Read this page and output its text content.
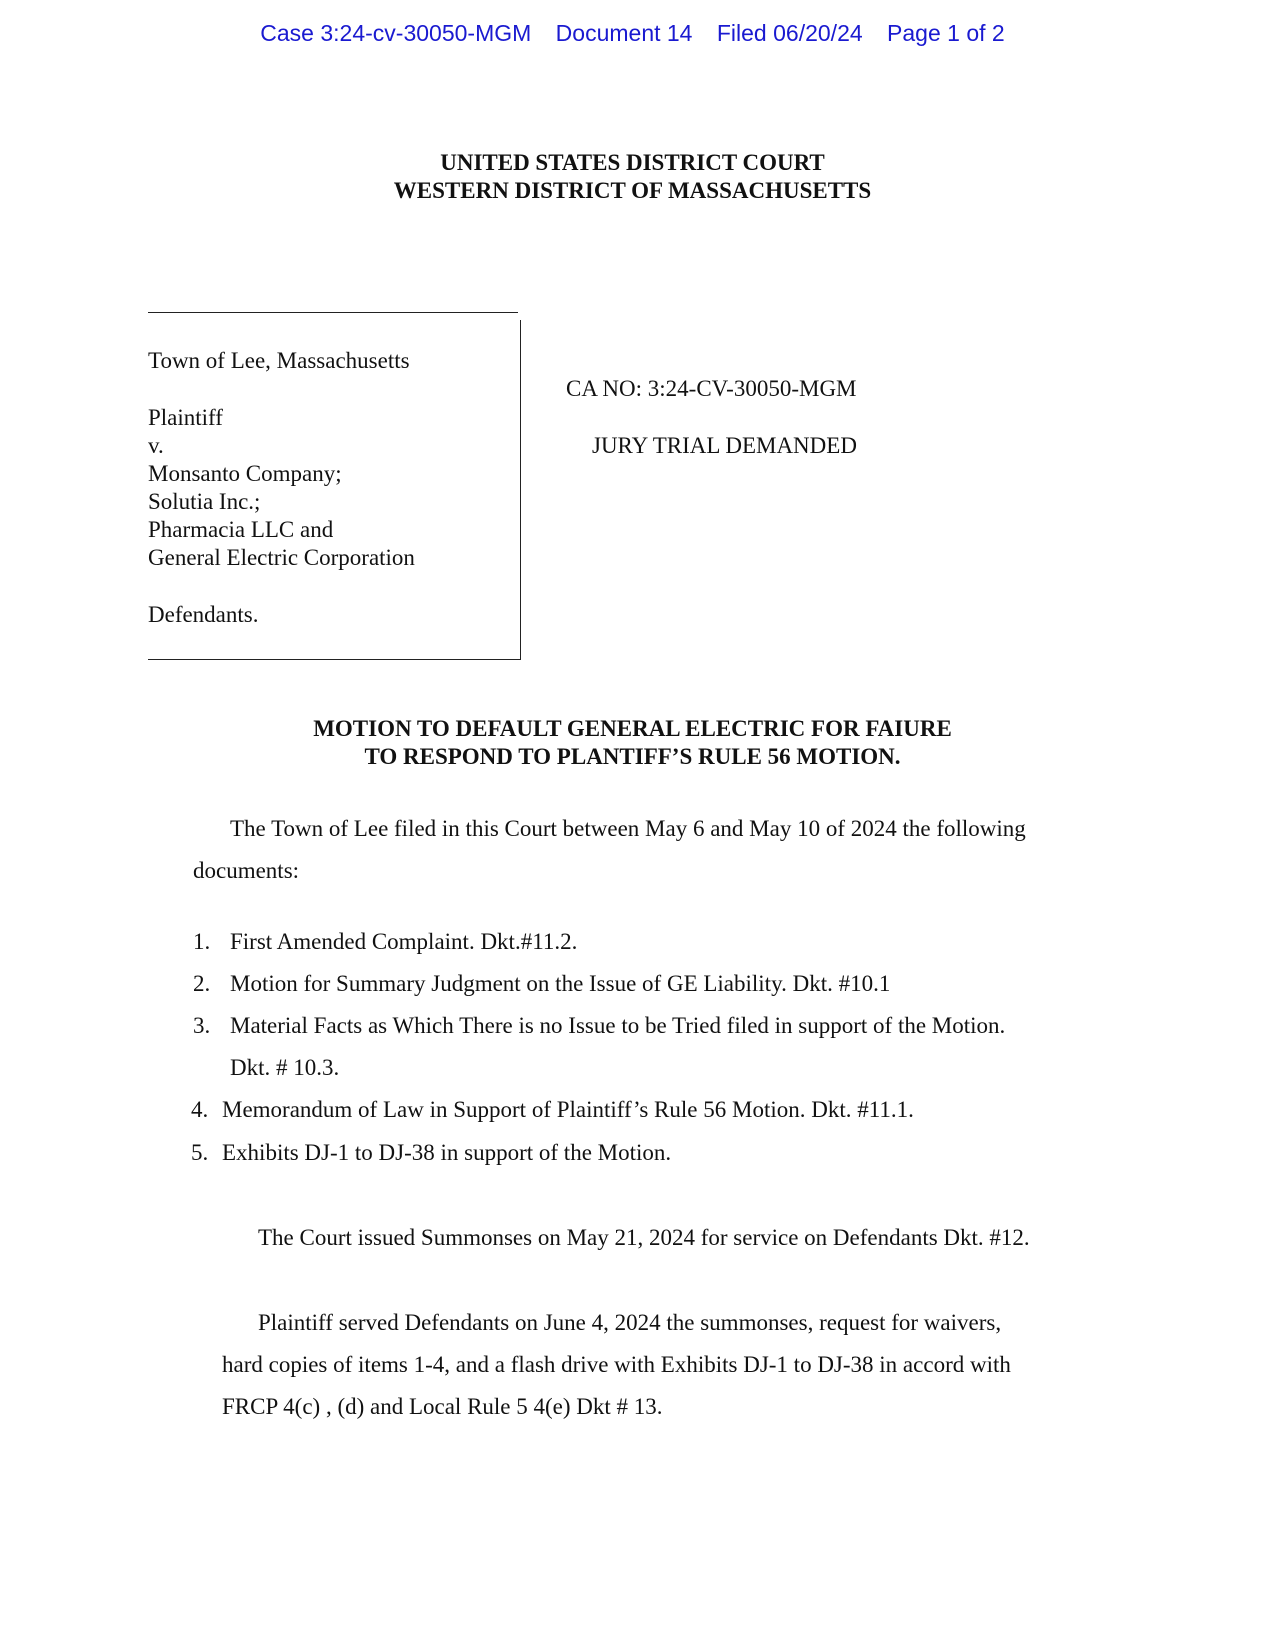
Case 3:24-cv-30050-MGM Document 14 Filed 06/20/24 Page 1 of 2
UNITED STATES DISTRICT COURT
WESTERN DISTRICT OF MASSACHUSETTS
Town of Lee, Massachusetts
Plaintiff
v.
Monsanto Company;
Solutia Inc.;
Pharmacia LLC and
General Electric Corporation
Defendants.
CA NO: 3:24-CV-30050-MGM
JURY TRIAL DEMANDED
MOTION TO DEFAULT GENERAL ELECTRIC FOR FAIURE
TO RESPOND TO PLANTIFF’S RULE 56 MOTION.
The Town of Lee filed in this Court between May 6 and May 10 of 2024 the following
documents:
1. First Amended Complaint. Dkt.#11.2.
2. Motion for Summary Judgment on the Issue of GE Liability. Dkt. #10.1
3. Material Facts as Which There is no Issue to be Tried filed in support of the Motion.
Dkt. # 10.3.
4. Memorandum of Law in Support of Plaintiff’s Rule 56 Motion. Dkt. #11.1.
5. Exhibits DJ-1 to DJ-38 in support of the Motion.
The Court issued Summonses on May 21, 2024 for service on Defendants Dkt. #12.
Plaintiff served Defendants on June 4, 2024 the summonses, request for waivers,
hard copies of items 1-4, and a flash drive with Exhibits DJ-1 to DJ-38 in accord with
FRCP 4(c) , (d) and Local Rule 5 4(e) Dkt # 13.
